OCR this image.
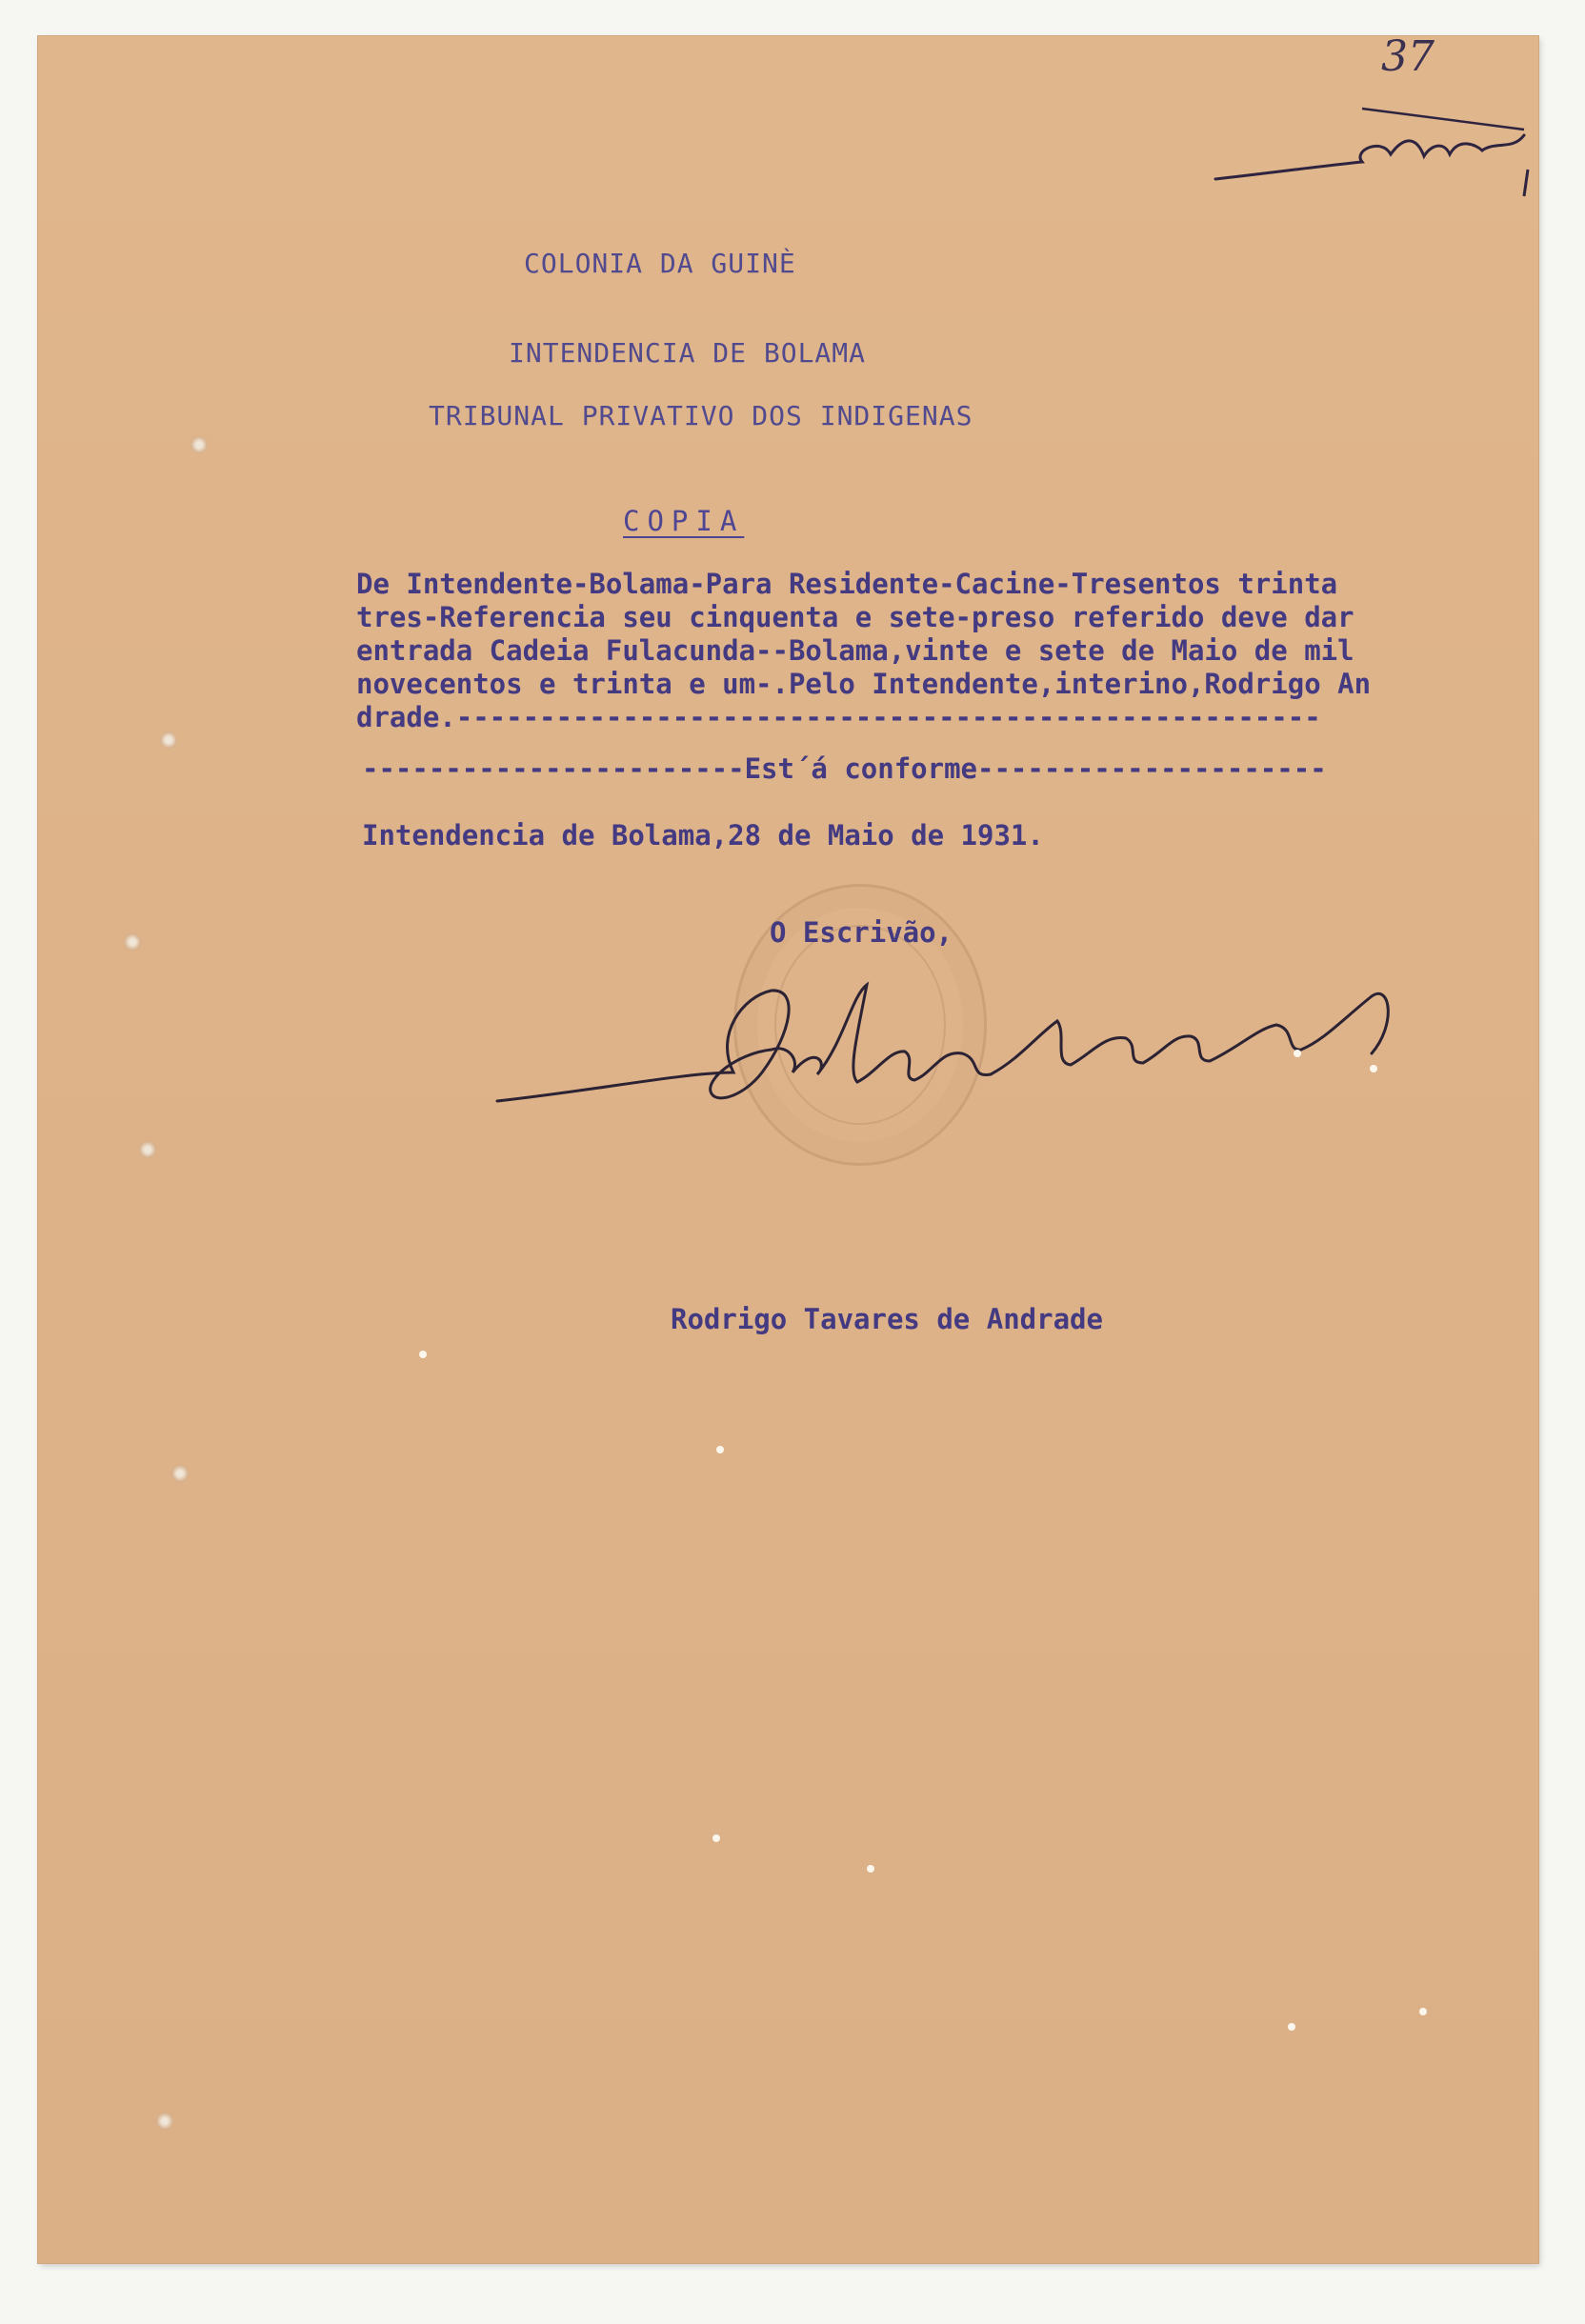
37

COLONIA DA GUINÈ

INTENDENCIA DE BOLAMA

TRIBUNAL PRIVATIVO DOS INDIGENAS

COPIA

De Intendente-Bolama-Para Residente-Cacine-Tresentos trinta

tres-Referencia seu cinquenta e sete-preso referido deve dar

entrada Cadeia Fulacunda--Bolama,vinte e sete de Maio de mil

novecentos e trinta e um-.Pelo Intendente,interino,Rodrigo An

drade.----------------------------------------------------

-----------------------Est´á conforme---------------------

Intendencia de Bolama,28 de Maio de 1931.

O Escrivão,

Rodrigo Tavares de Andrade
